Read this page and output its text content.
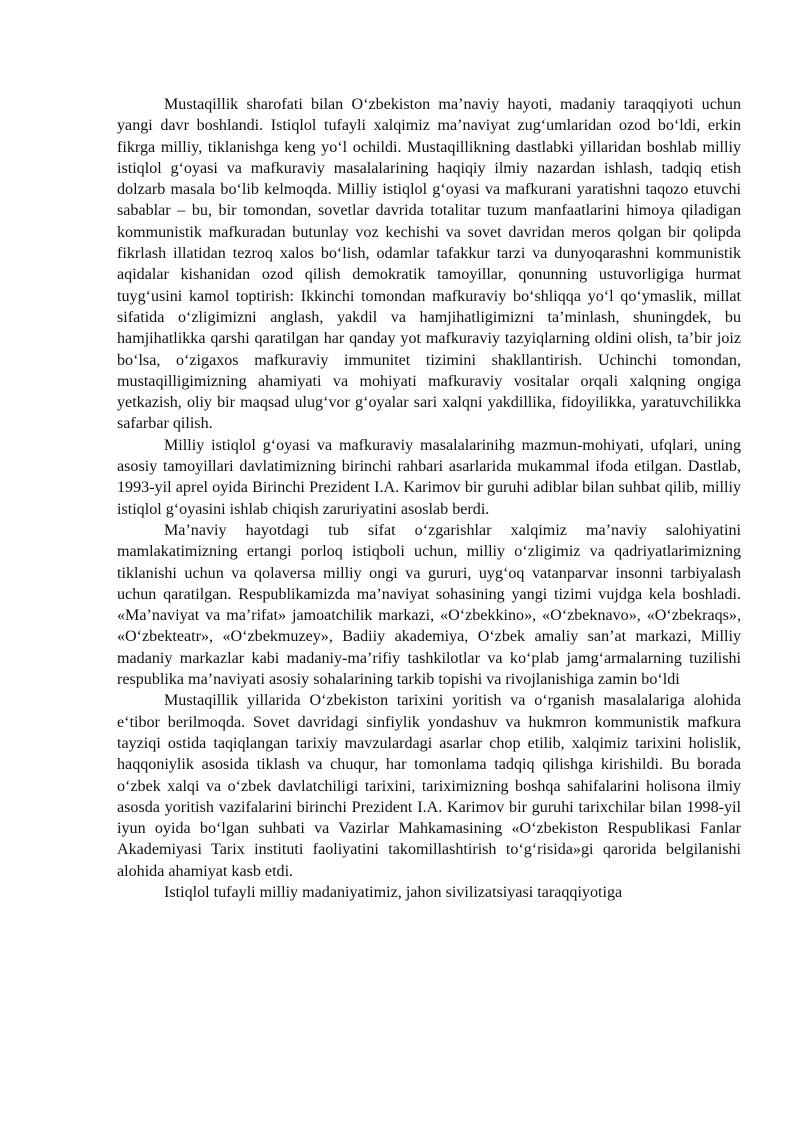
Mustaqillik sharofati bilan O‘zbekiston ma’naviy hayoti, madaniy taraqqiyoti uchun yangi davr boshlandi. Istiqlol tufayli xalqimiz ma’naviyat zug‘umlaridan ozod bo‘ldi, erkin fikrga milliy, tiklanishga keng yo‘l ochildi. Mustaqillikning dastlabki yillaridan boshlab milliy istiqlol g‘oyasi va mafkuraviy masalalarining haqiqiy ilmiy nazardan ishlash, tadqiq etish dolzarb masala bo‘lib kelmoqda. Milliy istiqlol g‘oyasi va mafkurani yaratishni taqozo etuvchi sabablar – bu, bir tomondan, sovetlar davrida totalitar tuzum manfaatlarini himoya qiladigan kommunistik mafkuradan butunlay voz kechishi va sovet davridan meros qolgan bir qolipda fikrlash illatidan tezroq xalos bo‘lish, odamlar tafakkur tarzi va dunyoqarashni kommunistik aqidalar kishanidan ozod qilish demokratik tamoyillar, qonunning ustuvorligiga hurmat tuyg‘usini kamol toptirish: Ikkinchi tomondan mafkuraviy bo‘shliqqa yo‘l qo‘ymaslik, millat sifatida o‘zligimizni anglash, yakdil va hamjihatligimizni ta’minlash, shuningdek, bu hamjihatlikka qarshi qaratilgan har qanday yot mafkuraviy tazyiqlarning oldini olish, ta’bir joiz bo‘lsa, o‘zigaxos mafkuraviy immunitet tizimini shakllantirish. Uchinchi tomondan, mustaqilligimizning ahamiyati va mohiyati mafkuraviy vositalar orqali xalqning ongiga yetkazish, oliy bir maqsad ulug‘vor g‘oyalar sari xalqni yakdillika, fidoyilikka, yaratuvchilikka safarbar qilish.

Milliy istiqlol g‘oyasi va mafkuraviy masalalarinihg mazmun-mohiyati, ufqlari, uning asosiy tamoyillari davlatimizning birinchi rahbari asarlarida mukammal ifoda etilgan. Dastlab, 1993-yil aprel oyida Birinchi Prezident I.A. Karimov bir guruhi adiblar bilan suhbat qilib, milliy istiqlol g‘oyasini ishlab chiqish zaruriyatini asoslab berdi.

Ma’naviy hayotdagi tub sifat o‘zgarishlar xalqimiz ma’naviy salohiyatini mamlakatimizning ertangi porloq istiqboli uchun, milliy o‘zligimiz va qadriyatlarimizning tiklanishi uchun va qolaversa milliy ongi va gururi, uyg‘oq vatanparvar insonni tarbiyalash uchun qaratilgan. Respublikamizda ma’naviyat sohasining yangi tizimi vujdga kela boshladi. «Ma’naviyat va ma’rifat» jamoatchilik markazi, «O‘zbekkino», «O‘zbeknavo», «O‘zbekraqs», «O‘zbekteatr», «O‘zbekmuzey», Badiiy akademiya, O‘zbek amaliy san’at markazi, Milliy madaniy markazlar kabi madaniy-ma’rifiy tashkilotlar va ko‘plab jamg‘armalarning tuzilishi respublika ma’naviyati asosiy sohalarining tarkib topishi va rivojlanishiga zamin bo‘ldi

Mustaqillik yillarida O‘zbekiston tarixini yoritish va o‘rganish masalalariga alohida e‘tibor berilmoqda. Sovet davridagi sinfiylik yondashuv va hukmron kommunistik mafkura tayziqi ostida taqiqlangan tarixiy mavzulardagi asarlar chop etilib, xalqimiz tarixini holislik, haqqoniylik asosida tiklash va chuqur, har tomonlama tadqiq qilishga kirishildi. Bu borada o‘zbek xalqi va o‘zbek davlatchiligi tarixini, tariximizning boshqa sahifalarini holisona ilmiy asosda yoritish vazifalarini birinchi Prezident I.A. Karimov bir guruhi tarixchilar bilan 1998-yil iyun oyida bo‘lgan suhbati va Vazirlar Mahkamasining «O‘zbekiston Respublikasi Fanlar Akademiyasi Tarix instituti faoliyatini takomillashtirish to‘g‘risida»gi qarorida belgilanishi alohida ahamiyat kasb etdi.

Istiqlol tufayli milliy madaniyatimiz, jahon sivilizatsiyasi taraqqiyotiga
